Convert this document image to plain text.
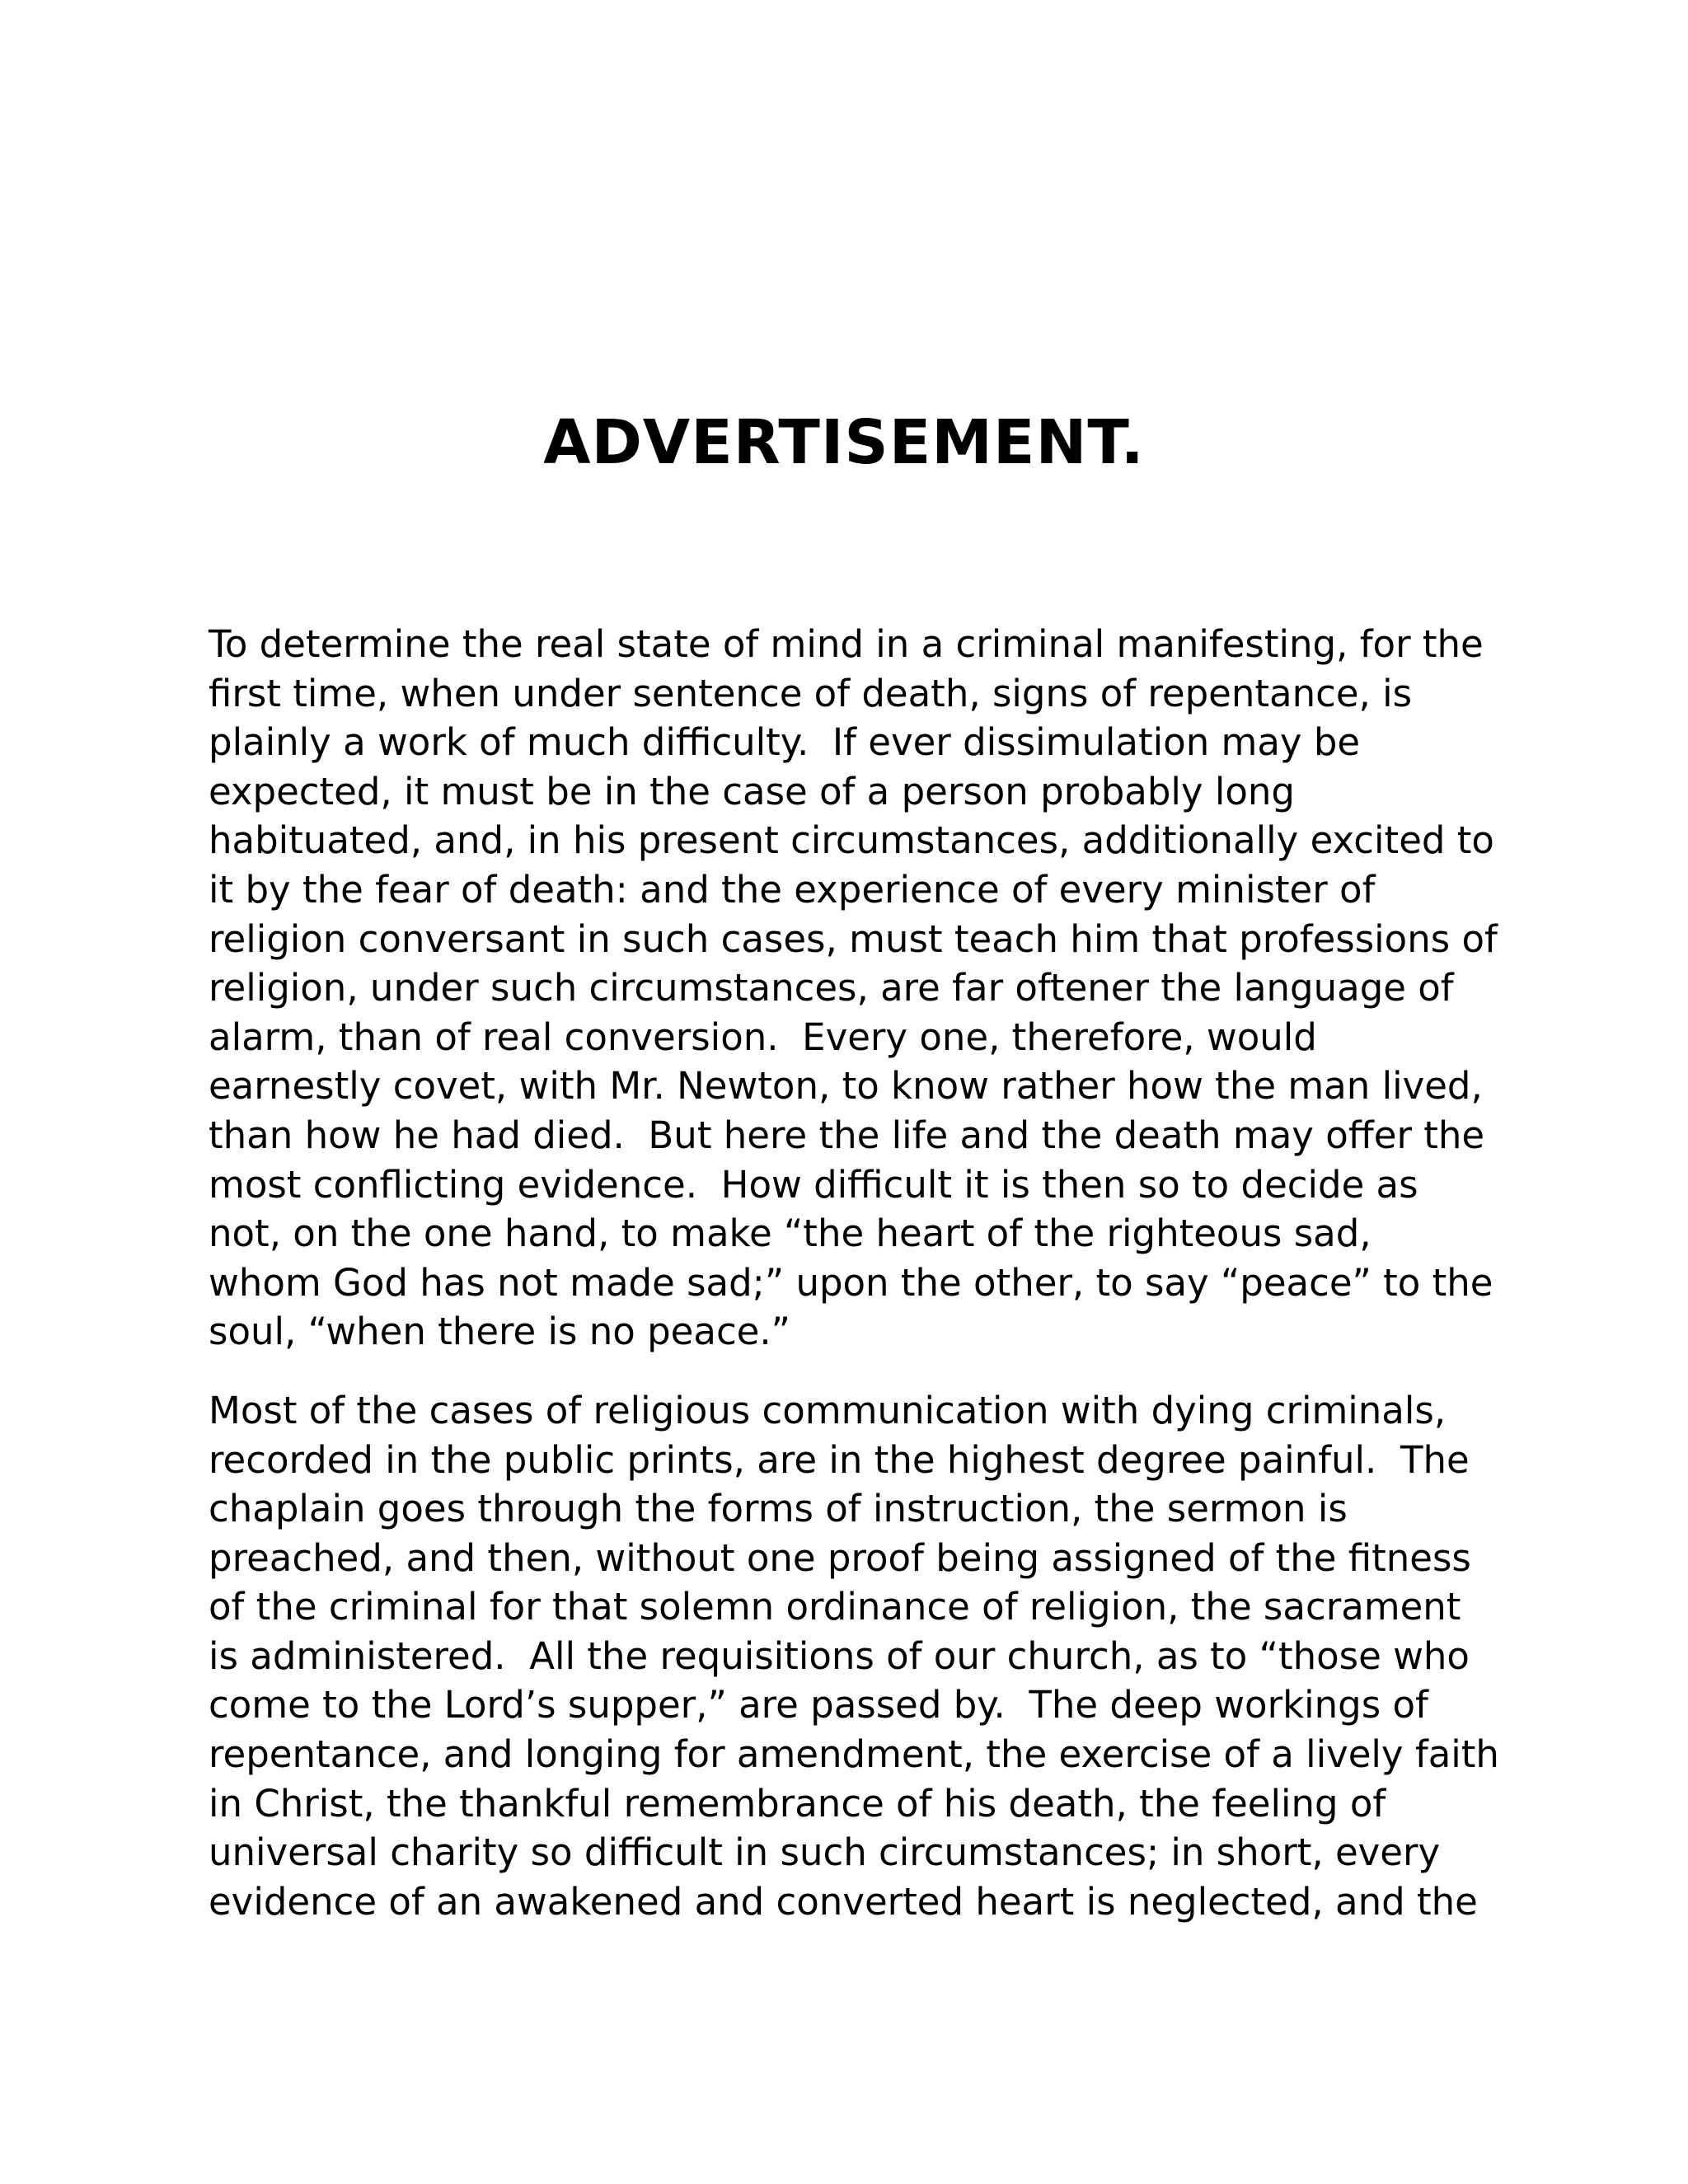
ADVERTISEMENT.
To determine the real state of mind in a criminal manifesting, for the
first time, when under sentence of death, signs of repentance, is
plainly a work of much difficulty.  If ever dissimulation may be
expected, it must be in the case of a person probably long
habituated, and, in his present circumstances, additionally excited to
it by the fear of death: and the experience of every minister of
religion conversant in such cases, must teach him that professions of
religion, under such circumstances, are far oftener the language of
alarm, than of real conversion.  Every one, therefore, would
earnestly covet, with Mr. Newton, to know rather how the man lived,
than how he had died.  But here the life and the death may offer the
most conflicting evidence.  How difficult it is then so to decide as
not, on the one hand, to make “the heart of the righteous sad,
whom God has not made sad;” upon the other, to say “peace” to the
soul, “when there is no peace.”
Most of the cases of religious communication with dying criminals,
recorded in the public prints, are in the highest degree painful.  The
chaplain goes through the forms of instruction, the sermon is
preached, and then, without one proof being assigned of the fitness
of the criminal for that solemn ordinance of religion, the sacrament
is administered.  All the requisitions of our church, as to “those who
come to the Lord’s supper,” are passed by.  The deep workings of
repentance, and longing for amendment, the exercise of a lively faith
in Christ, the thankful remembrance of his death, the feeling of
universal charity so difficult in such circumstances; in short, every
evidence of an awakened and converted heart is neglected, and the
